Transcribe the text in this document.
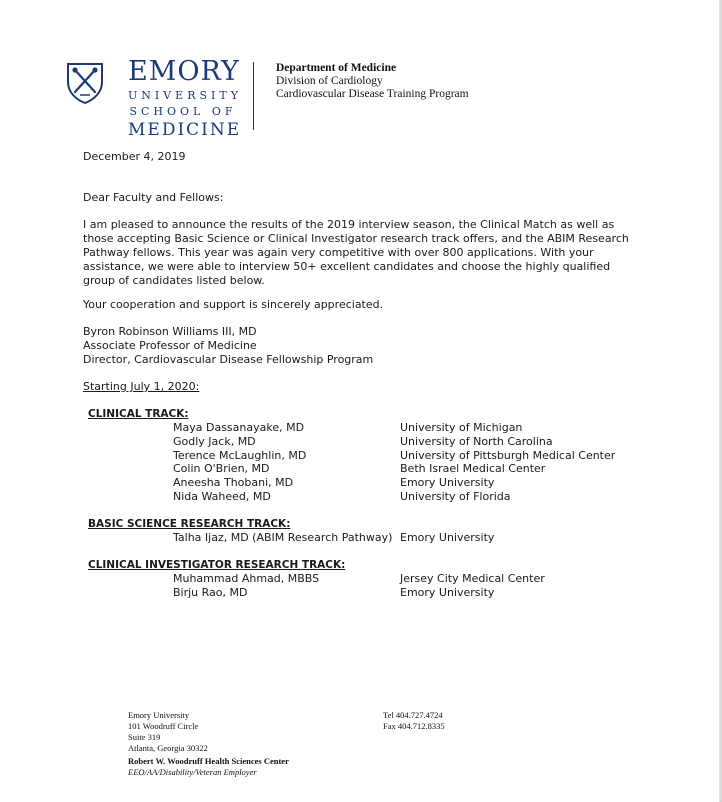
EMORY
UNIVERSITY
SCHOOL OF
MEDICINE
Department of Medicine
Division of Cardiology
Cardiovascular Disease Training Program
December 4, 2019
Dear Faculty and Fellows:
I am pleased to announce the results of the 2019 interview season, the Clinical Match as well as those accepting Basic Science or Clinical Investigator research track offers, and the ABIM Research Pathway fellows. This year was again very competitive with over 800 applications. With your assistance, we were able to interview 50+ excellent candidates and choose the highly qualified group of candidates listed below.
Your cooperation and support is sincerely appreciated.
Byron Robinson Williams III, MD
Associate Professor of Medicine
Director, Cardiovascular Disease Fellowship Program
Starting July 1, 2020:
CLINICAL TRACK:
Maya Dassanayake, MD	University of Michigan
Godly Jack, MD	University of North Carolina
Terence McLaughlin, MD	University of Pittsburgh Medical Center
Colin O'Brien, MD	Beth Israel Medical Center
Aneesha Thobani, MD	Emory University
Nida Waheed, MD	University of Florida
BASIC SCIENCE RESEARCH TRACK:
Talha Ijaz, MD (ABIM Research Pathway) Emory University
CLINICAL INVESTIGATOR RESEARCH TRACK:
Muhammad Ahmad, MBBS	Jersey City Medical Center
Birju Rao, MD	Emory University
Emory University
101 Woodruff Circle
Suite 319
Atlanta, Georgia 30322
Robert W. Woodruff Health Sciences Center
EEO/AA/Disability/Veteran Employer
Tel 404.727.4724
Fax 404.712.8335
